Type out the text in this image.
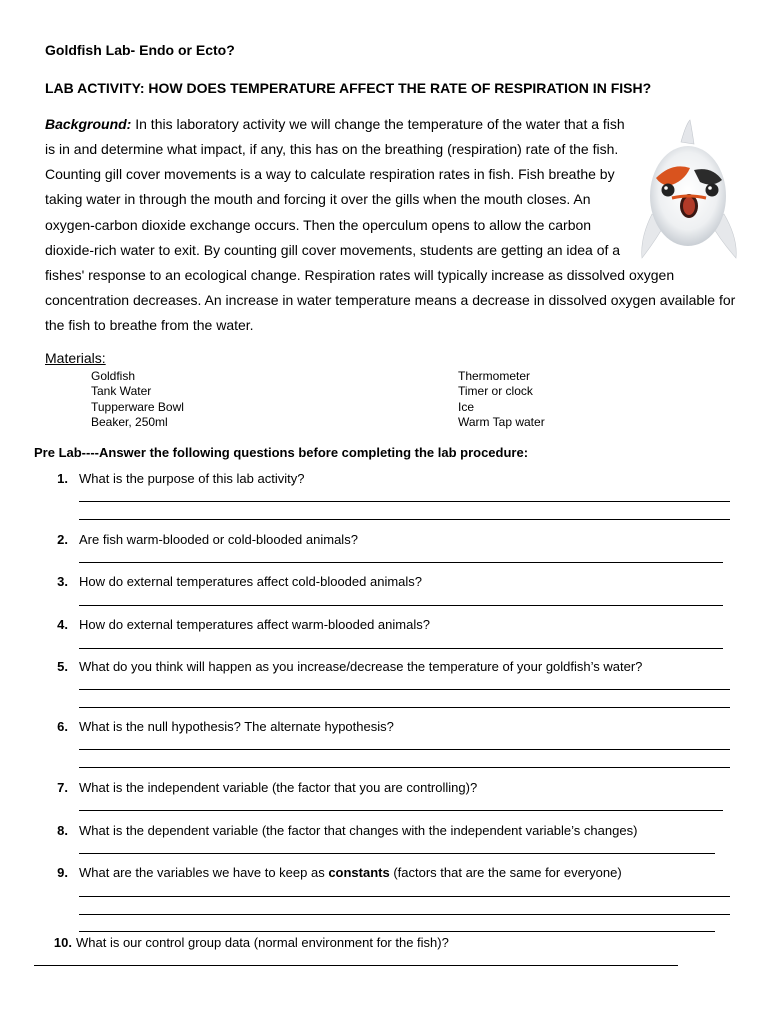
Goldfish Lab- Endo or Ecto?
LAB ACTIVITY: HOW DOES TEMPERATURE AFFECT THE RATE OF RESPIRATION IN FISH?
Background: In this laboratory activity we will change the temperature of the water that a fish
is in and determine what impact, if any, this has on the breathing (respiration) rate of the fish.
Counting gill cover movements is a way to calculate respiration rates in fish. Fish breathe by
taking water in through the mouth and forcing it over the gills when the mouth closes. An
oxygen-carbon dioxide exchange occurs. Then the operculum opens to allow the carbon
dioxide-rich water to exit. By counting gill cover movements, students are getting an idea of a
fishes' response to an ecological change. Respiration rates will typically increase as dissolved oxygen
concentration decreases. An increase in water temperature means a decrease in dissolved oxygen available for
the fish to breathe from the water.
Materials:
Goldfish
Tank Water
Tupperware Bowl
Beaker, 250ml
Thermometer
Timer or clock
Ice
Warm Tap water
Pre Lab----Answer the following questions before completing the lab procedure:
1. What is the purpose of this lab activity?
2. Are fish warm-blooded or cold-blooded animals?
3. How do external temperatures affect cold-blooded animals?
4. How do external temperatures affect warm-blooded animals?
5. What do you think will happen as you increase/decrease the temperature of your goldfish’s water?
6. What is the null hypothesis? The alternate hypothesis?
7. What is the independent variable (the factor that you are controlling)?
8. What is the dependent variable (the factor that changes with the independent variable’s changes)
9. What are the variables we have to keep as constants (factors that are the same for everyone)
10. What is our control group data (normal environment for the fish)?
